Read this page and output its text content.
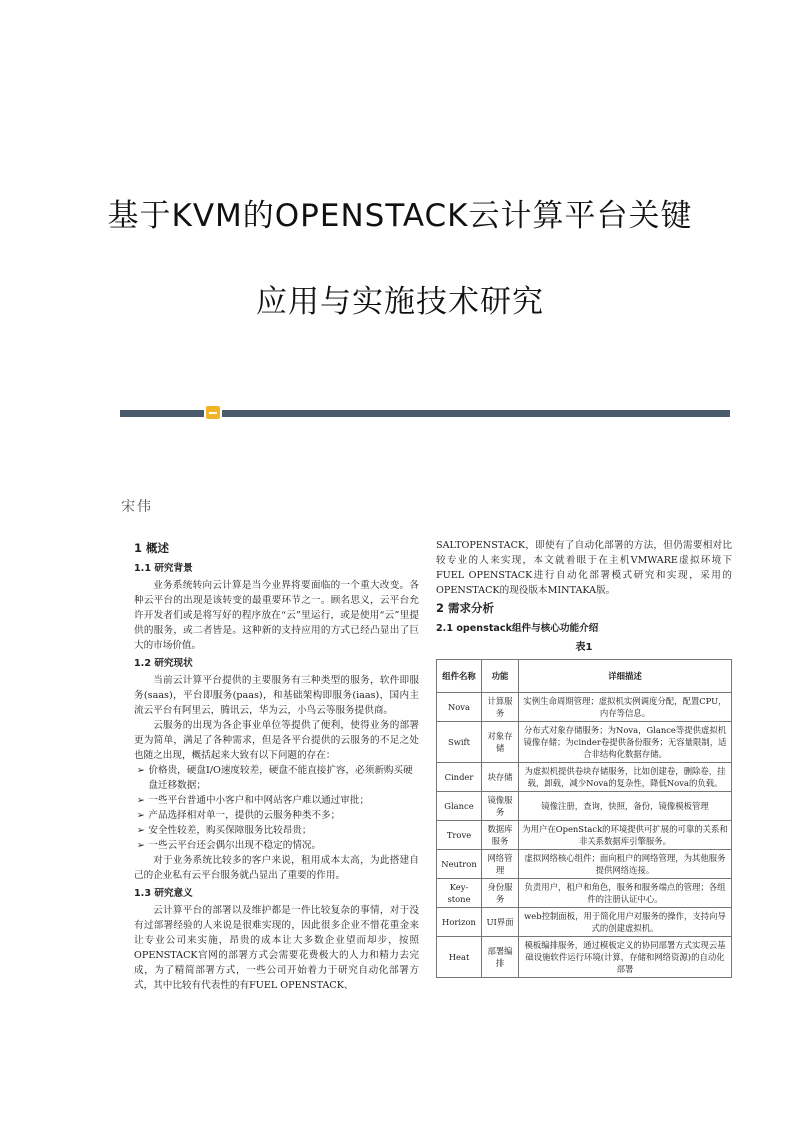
基于KVM的OPENSTACK云计算平台关键
应用与实施技术研究
宋伟
1 概述
1.1 研究背景

业务系统转向云计算是当今业界将要面临的一个重大改变。各种云平台的出现是该转变的最重要环节之一。顾名思义，云平台允许开发者们或是将写好的程序放在“云”里运行，或是使用“云”里提供的服务，或二者皆是。这种新的支持应用的方式已经凸显出了巨大的市场价值。

1.2 研究现状

当前云计算平台提供的主要服务有三种类型的服务，软件即服务(saas)，平台即服务(paas)，和基础架构即服务(iaas)，国内主流云平台有阿里云，腾讯云，华为云，小鸟云等服务提供商。

云服务的出现为各企事业单位等提供了便利，使得业务的部署更为简单，满足了各种需求，但是各平台提供的云服务的不足之处也随之出现，概括起来大致有以下问题的存在：

➢ 价格贵，硬盘I/O速度较差，硬盘不能直接扩容，必须新购买硬盘迁移数据；
➢ 一些平台普通中小客户和中网站客户难以通过审批；
➢ 产品选择相对单一，提供的云服务种类不多；
➢ 安全性较差，购买保障服务比较昂贵；
➢ 一些云平台还会偶尔出现不稳定的情况。

对于业务系统比较多的客户来说，租用成本太高，为此搭建自己的企业私有云平台服务就凸显出了重要的作用。

1.3 研究意义

云计算平台的部署以及维护都是一件比较复杂的事情，对于没有过部署经验的人来说是很难实现的，因此很多企业不惜花重金来让专业公司来实施，昂贵的成本让大多数企业望而却步，按照OPENSTACK官网的部署方式会需要花费极大的人力和精力去完成，为了精简部署方式，一些公司开始着力于研究自动化部署方式，其中比较有代表性的有FUEL OPENSTACK、

SALTOPENSTACK，即使有了自动化部署的方法，但仍需要相对比较专业的人来实现，本文就着眼于在主机VMWARE虚拟环境下FUEL OPENSTACK进行自动化部署模式研究和实现，采用的OPENSTACK的现役版本MINTAKA版。

2 需求分析
2.1 openstack组件与核心功能介绍
表1
组件名称	功能	详细描述
Nova	计算服务	实例生命周期管理；虚拟机实例调度分配，配置CPU，内存等信息。
Swift	对象存储	分布式对象存储服务；为Nova，Glance等提供虚拟机镜像存储；为cinder卷提供备份服务；无容量限制，适合非结构化数据存储。
Cinder	块存储	为虚拟机提供卷块存储服务，比如创建卷，删除卷，挂载，卸载，减少Nova的复杂性，降低Nova的负载。
Glance	镜像服务	镜像注册，查询，快照，备份，镜像模板管理
Trove	数据库服务	为用户在OpenStack的环境提供可扩展的可靠的关系和非关系数据库引擎服务。
Neutron	网络管理	虚拟网络核心组件；面向租户的网络管理，为其他服务提供网络连接。
Key-stone	身份服务	负责用户，租户和角色，服务和服务端点的管理；各组件的注册认证中心。
Horizon	UI界面	web控制面板，用于简化用户对服务的操作，支持向导式的创建虚拟机。
Heat	部署编排	模板编排服务，通过模板定义的协同部署方式实现云基础设施软件运行环境(计算，存储和网络资源)的自动化部署
